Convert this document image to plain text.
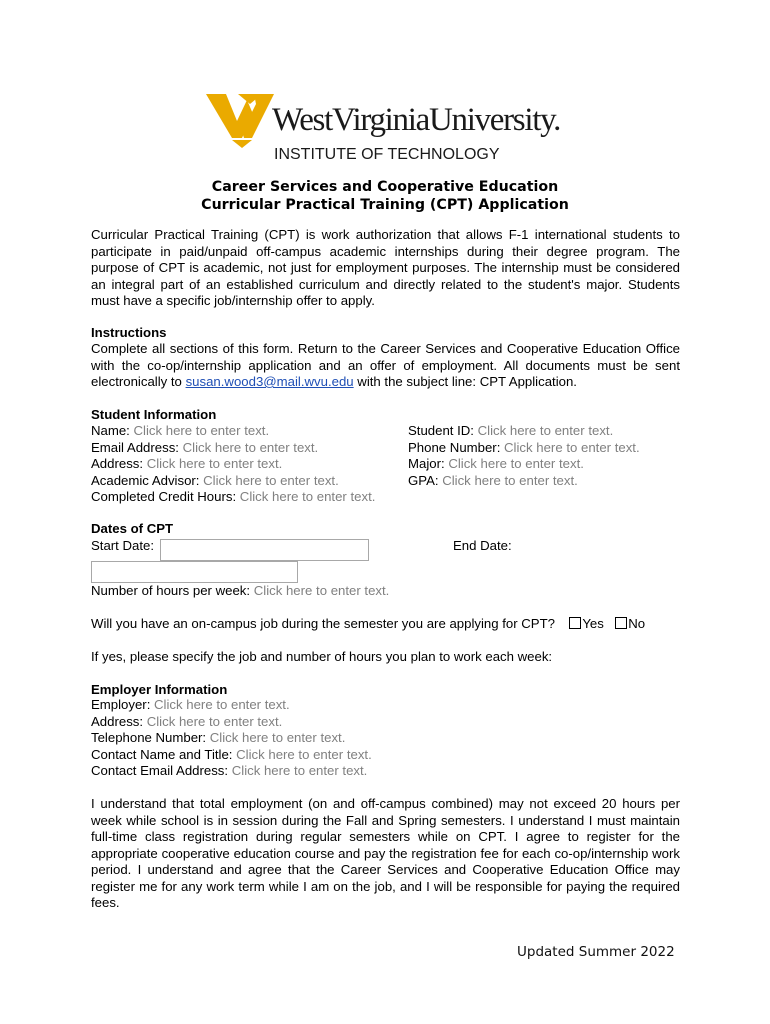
WestVirginiaUniversity.
INSTITUTE OF TECHNOLOGY
Career Services and Cooperative Education
Curricular Practical Training (CPT) Application
Curricular Practical Training (CPT) is work authorization that allows F-1 international students to participate in paid/unpaid off-campus academic internships during their degree program. The purpose of CPT is academic, not just for employment purposes. The internship must be considered an integral part of an established curriculum and directly related to the student's major. Students must have a specific job/internship offer to apply.
Instructions
Complete all sections of this form. Return to the Career Services and Cooperative Education Office with the co-op/internship application and an offer of employment. All documents must be sent electronically to susan.wood3@mail.wvu.edu with the subject line: CPT Application.
Student Information
Name: Click here to enter text.
Email Address: Click here to enter text.
Address: Click here to enter text.
Academic Advisor: Click here to enter text.
Completed Credit Hours: Click here to enter text.
Student ID: Click here to enter text.
Phone Number: Click here to enter text.
Major: Click here to enter text.
GPA: Click here to enter text.
Dates of CPT
Start Date:	End Date:
Number of hours per week: Click here to enter text.
Will you have an on-campus job during the semester you are applying for CPT? Yes No
If yes, please specify the job and number of hours you plan to work each week:
Employer Information
Employer: Click here to enter text.
Address: Click here to enter text.
Telephone Number: Click here to enter text.
Contact Name and Title: Click here to enter text.
Contact Email Address: Click here to enter text.
I understand that total employment (on and off-campus combined) may not exceed 20 hours per week while school is in session during the Fall and Spring semesters. I understand I must maintain full-time class registration during regular semesters while on CPT. I agree to register for the appropriate cooperative education course and pay the registration fee for each co-op/internship work period. I understand and agree that the Career Services and Cooperative Education Office may register me for any work term while I am on the job, and I will be responsible for paying the required fees.
Updated Summer 2022
